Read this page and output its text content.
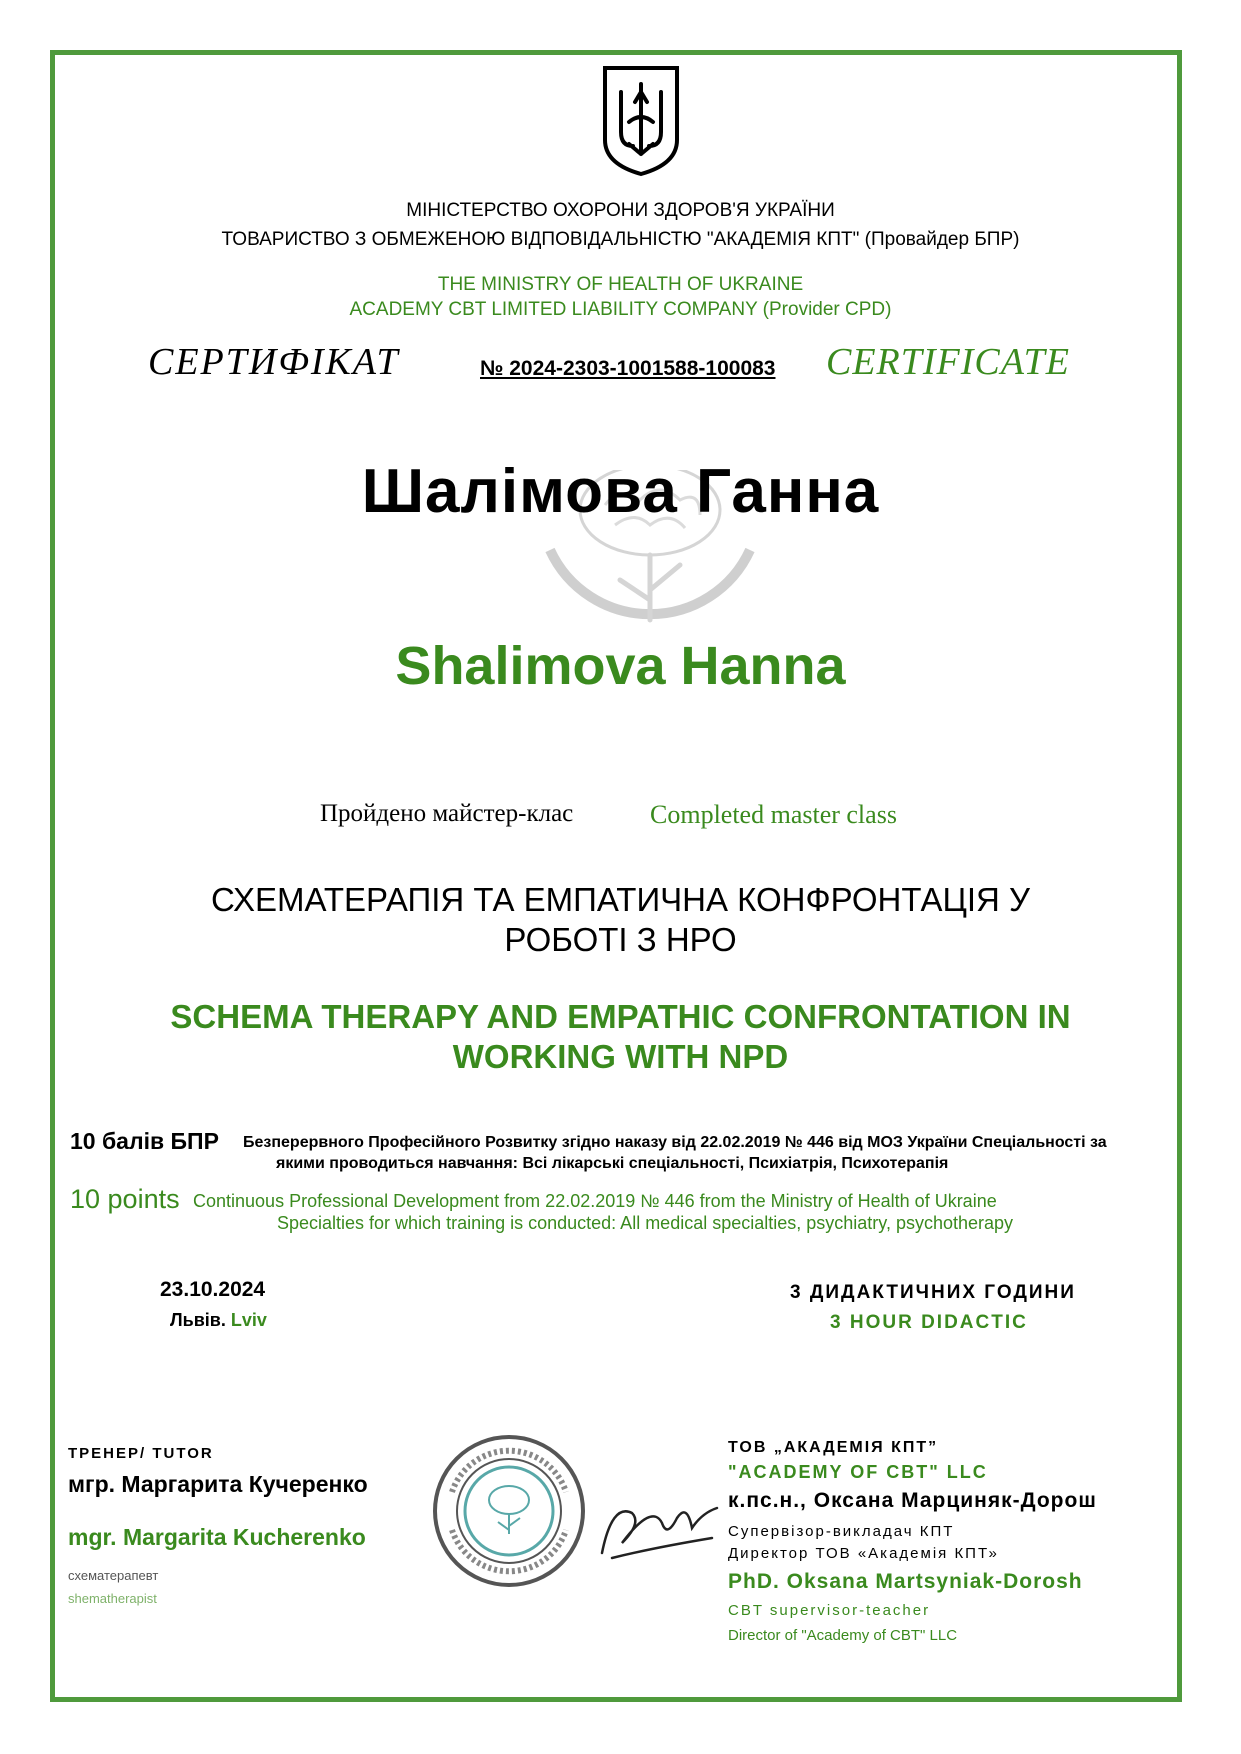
МІНІСТЕРСТВО ОХОРОНИ ЗДОРОВ'Я УКРАЇНИ
ТОВАРИСТВО З ОБМЕЖЕНОЮ ВІДПОВІДАЛЬНІСТЮ "АКАДЕМІЯ КПТ" (Провайдер БПР)
THE MINISTRY OF HEALTH OF UKRAINE
ACADEMY CBT LIMITED LIABILITY COMPANY (Provider CPD)
СЕРТИФІКАТ	№ 2024-2303-1001588-100083 CERTIFICATE
Шалімова Ганна
Shalimova Hanna
Пройдено майстер-клас	Completed master class
СХЕМАТЕРАПІЯ ТА ЕМПАТИЧНА КОНФРОНТАЦІЯ У
РОБОТІ З НРО
SCHEMA THERAPY AND EMPATHIC CONFRONTATION IN
WORKING WITH NPD
10 балів БПР Безперервного Професійного Розвитку згідно наказу від 22.02.2019 № 446 від МОЗ України Спеціальності за
якими проводиться навчання: Всі лікарські спеціальності, Психіатрія, Психотерапія
10 points Continuous Professional Development from 22.02.2019 № 446 from the Ministry of Health of Ukraine
Specialties for which training is conducted: All medical specialties, psychiatry, psychotherapy
23.10.2024
Львів. Lviv
3 ДИДАКТИЧНИХ ГОДИНИ
3 HOUR DIDACTIC
ТРЕНЕР/ TUTOR
мгр. Маргарита Кучеренко
mgr. Margarita Kucherenko
схематерапевт
shematherapist
ТОВ „АКАДЕМІЯ КПТ”
"ACADEMY OF CBT" LLC
к.пс.н., Оксана Марциняк-Дорош
Супервізор-викладач КПТ
Директор ТОВ «Академія КПТ»
PhD. Oksana Martsyniak-Dorosh
CBT supervisor-teacher
Director of "Academy of CBT" LLC
